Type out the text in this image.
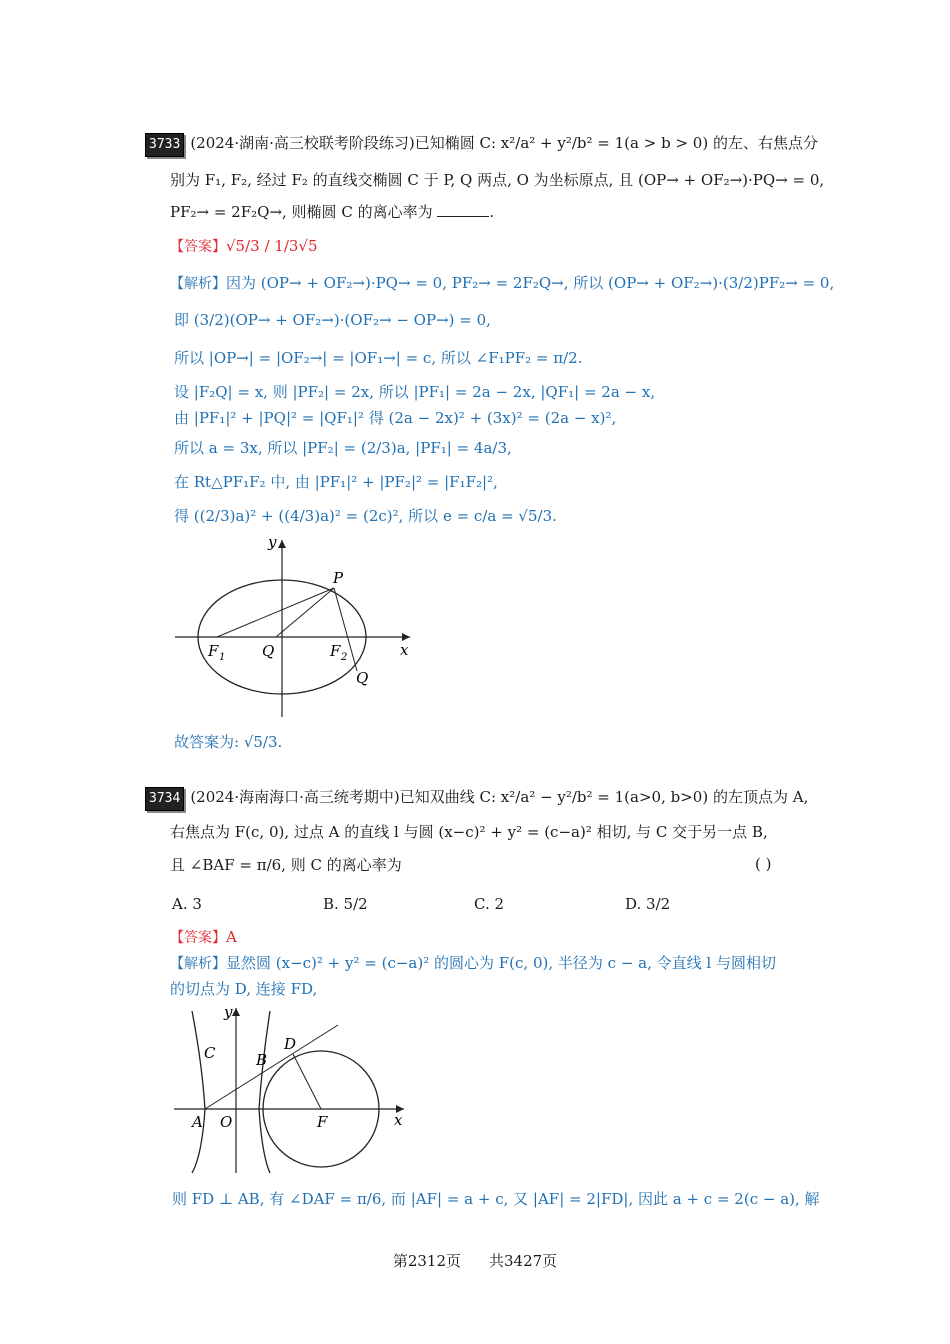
3733 (2024·湖南·高三校联考阶段练习)已知椭圆 C: x²/a² + y²/b² = 1(a > b > 0) 的左、右焦点分
别为 F₁, F₂, 经过 F₂ 的直线交椭圆 C 于 P, Q 两点, O 为坐标原点, 且 (OP→ + OF₂→)·PQ→ = 0,
PF₂→ = 2F₂Q→, 则椭圆 C 的离心率为	.
【答案】√5/3 / 1/3√5
【解析】因为 (OP→ + OF₂→)·PQ→ = 0, PF₂→ = 2F₂Q→, 所以 (OP→ + OF₂→)·(3/2)PF₂→ = 0,
即 (3/2)(OP→ + OF₂→)·(OF₂→ − OP→) = 0,
所以 |OP→| = |OF₂→| = |OF₁→| = c, 所以 ∠F₁PF₂ = π/2.
设 |F₂Q| = x, 则 |PF₂| = 2x, 所以 |PF₁| = 2a − 2x, |QF₁| = 2a − x,
由 |PF₁|² + |PQ|² = |QF₁|² 得 (2a − 2x)² + (3x)² = (2a − x)²,
所以 a = 3x, 所以 |PF₂| = (2/3)a, |PF₁| = 4a/3,
在 Rt△PF₁F₂ 中, 由 |PF₁|² + |PF₂|² = |F₁F₂|²,
得 ((2/3)a)² + ((4/3)a)² = (2c)², 所以 e = c/a = √5/3.
y
x
P
Q
F 1	F 2
Q
故答案为: √5/3.
3734 (2024·海南海口·高三统考期中)已知双曲线 C: x²/a² − y²/b² = 1(a>0, b>0) 的左顶点为 A,
右焦点为 F(c, 0), 过点 A 的直线 l 与圆 (x−c)² + y² = (c−a)² 相切, 与 C 交于另一点 B,
且 ∠BAF = π/6, 则 C 的离心率为	( )
A. 3	B. 5/2	C. 2	D. 3/2
【答案】A
【解析】显然圆 (x−c)² + y² = (c−a)² 的圆心为 F(c, 0), 半径为 c − a, 令直线 l 与圆相切
的切点为 D, 连接 FD,
y
x
C	B
D
A O	F
则 FD ⊥ AB, 有 ∠DAF = π/6, 而 |AF| = a + c, 又 |AF| = 2|FD|, 因此 a + c = 2(c − a), 解
第2312页 共3427页
